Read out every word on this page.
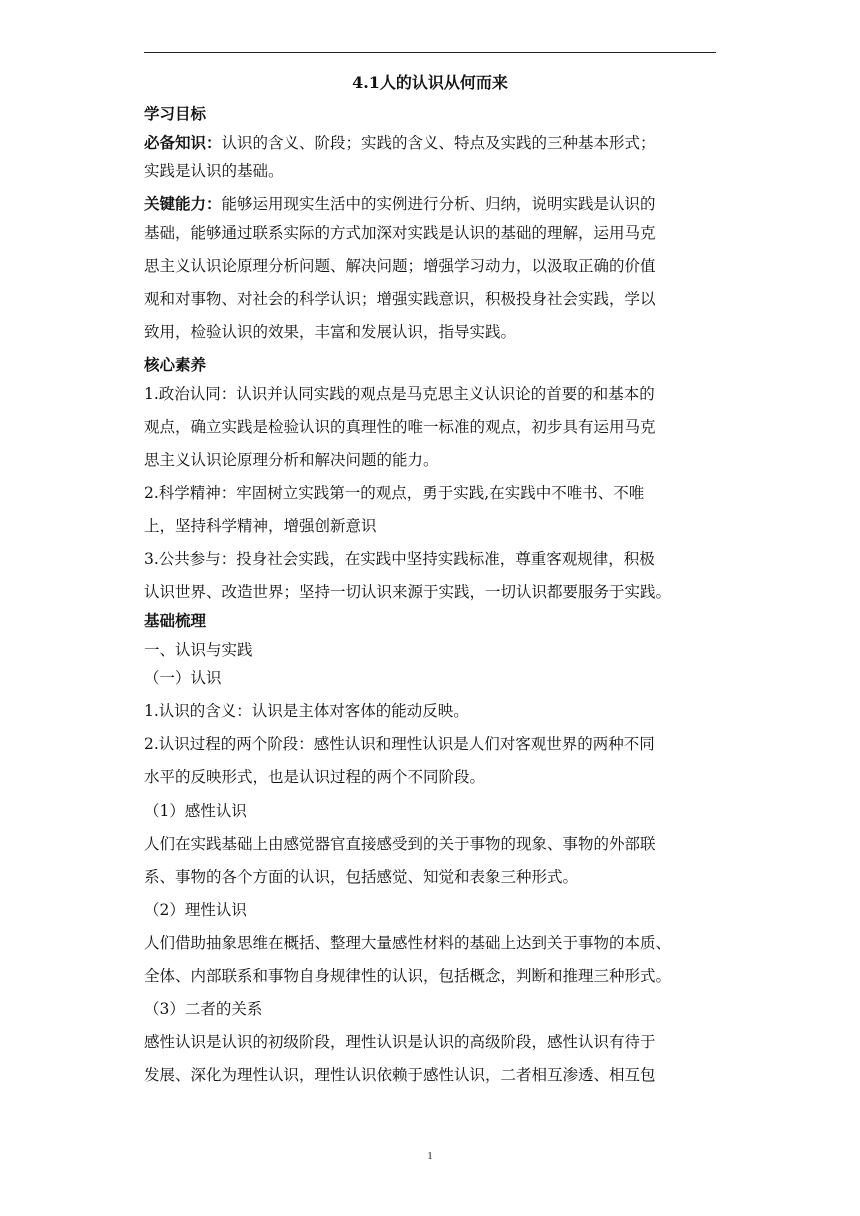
4.1人的认识从何而来
学习目标
必备知识：认识的含义、阶段；实践的含义、特点及实践的三种基本形式；
实践是认识的基础。
关键能力：能够运用现实生活中的实例进行分析、归纳，说明实践是认识的
基础，能够通过联系实际的方式加深对实践是认识的基础的理解，运用马克
思主义认识论原理分析问题、解决问题；增强学习动力，以汲取正确的价值
观和对事物、对社会的科学认识；增强实践意识，积极投身社会实践，学以
致用，检验认识的效果，丰富和发展认识，指导实践。
核心素养
1.政治认同：认识并认同实践的观点是马克思主义认识论的首要的和基本的
观点，确立实践是检验认识的真理性的唯一标准的观点，初步具有运用马克
思主义认识论原理分析和解决问题的能力。
2.科学精神：牢固树立实践第一的观点，勇于实践,在实践中不唯书、不唯
上，坚持科学精神，增强创新意识
3.公共参与：投身社会实践，在实践中坚持实践标准，尊重客观规律，积极
认识世界、改造世界；坚持一切认识来源于实践，一切认识都要服务于实践。
基础梳理
一、认识与实践
（一）认识
1.认识的含义：认识是主体对客体的能动反映。
2.认识过程的两个阶段：感性认识和理性认识是人们对客观世界的两种不同
水平的反映形式，也是认识过程的两个不同阶段。
（1）感性认识
人们在实践基础上由感觉器官直接感受到的关于事物的现象、事物的外部联
系、事物的各个方面的认识，包括感觉、知觉和表象三种形式。
（2）理性认识
人们借助抽象思维在概括、整理大量感性材料的基础上达到关于事物的本质、
全体、内部联系和事物自身规律性的认识，包括概念，判断和推理三种形式。
（3）二者的关系
感性认识是认识的初级阶段，理性认识是认识的高级阶段，感性认识有待于
发展、深化为理性认识，理性认识依赖于感性认识，二者相互渗透、相互包
1
